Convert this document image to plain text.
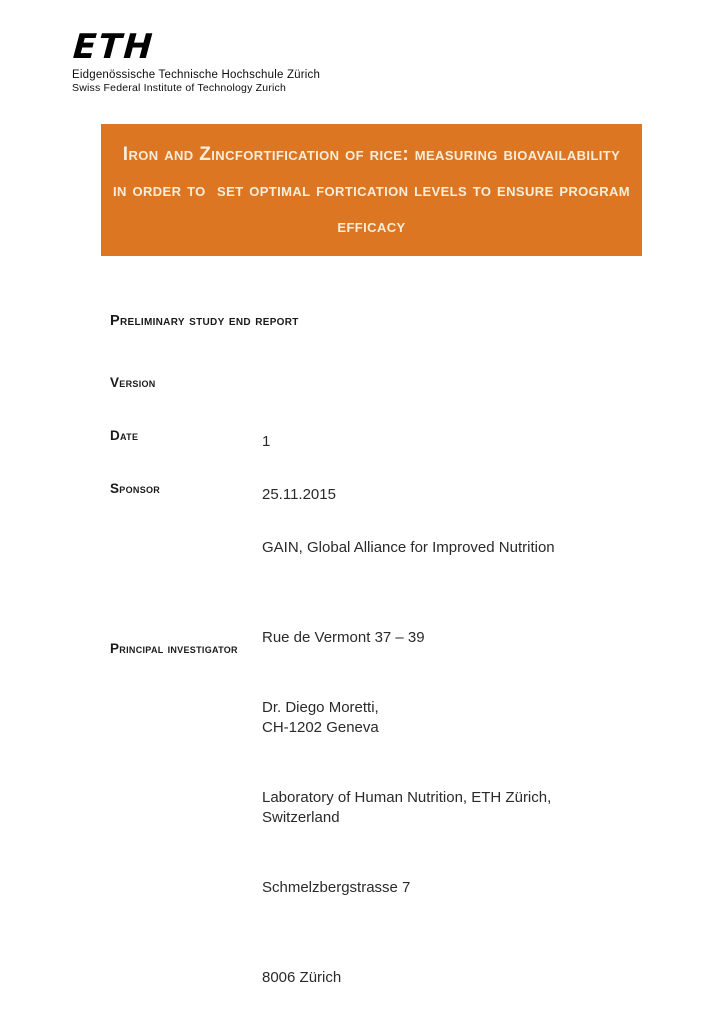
ETH
Eidgenössische Technische Hochschule Zürich
Swiss Federal Institute of Technology Zurich
Iron and Zincfortification of rice: measuring bioavailability
in order to  set optimal fortication levels to ensure program
efficacy
Preliminary study end report
Version

1

Date

25.11.2015

Sponsor

GAIN, Global Alliance for Improved Nutrition

Rue de Vermont 37 – 39

CH-1202 Geneva

Switzerland

Principal investigator

Dr. Diego Moretti,

Laboratory of Human Nutrition, ETH Zürich,

Schmelzbergstrasse 7

8006 Zürich
